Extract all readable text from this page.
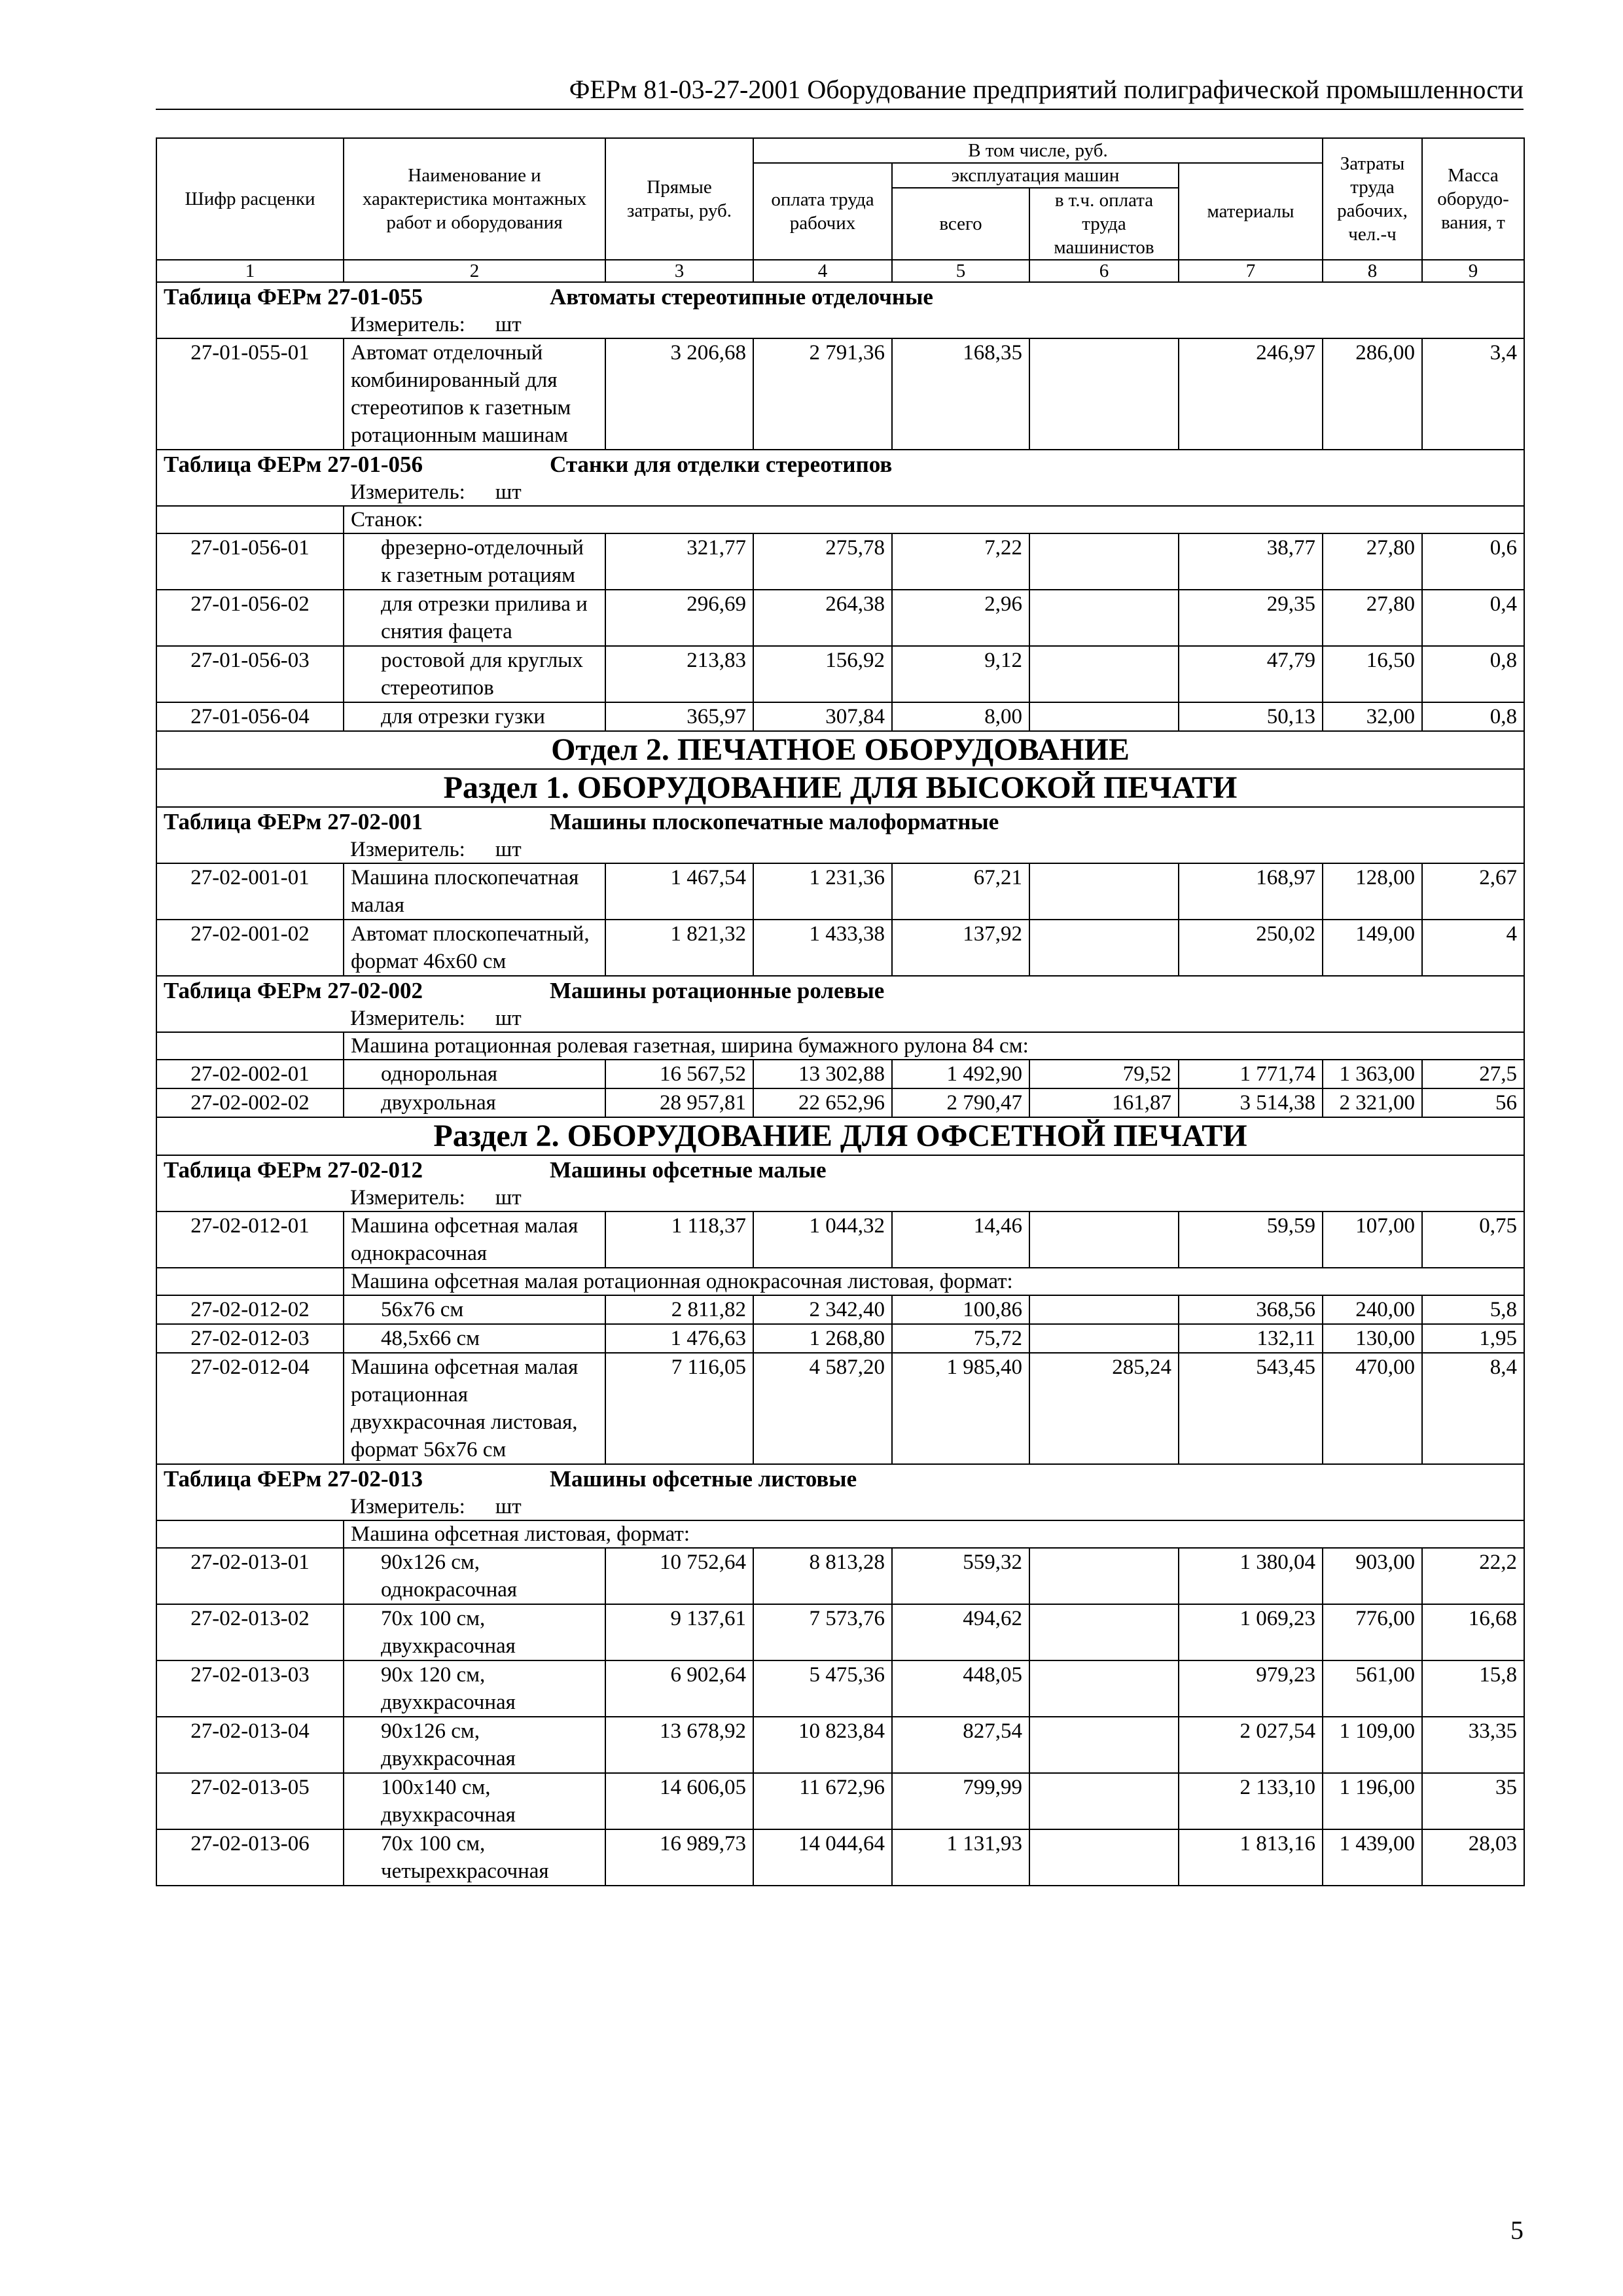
ФЕРм 81-03-27-2001 Оборудование предприятий полиграфической промышленности
Шифр расценки	Наименование и характеристика монтажных работ и оборудования	Прямые затраты, руб.	В том числе, руб.				Затраты труда рабочих, чел.-ч	Масса оборудо-вания, т
			оплата труда рабочих	эксплуатация машин		материалы		
				всего	в т.ч. оплата труда машинистов			
1	2	3	4	5	6	7	8	9
Таблица ФЕРм 27-01-055 Автоматы стереотипные отделочные								
	Измеритель: шт							
27-01-055-01	Автомат отделочный комбинированный для стереотипов к газетным ротационным машинам	3 206,68	2 791,36	168,35		246,97	286,00	3,4
Таблица ФЕРм 27-01-056 Станки для отделки стереотипов								
	Измеритель: шт							
	Станок:							
27-01-056-01	фрезерно-отделочный к газетным ротациям	321,77	275,78	7,22		38,77	27,80	0,6
27-01-056-02	для отрезки прилива и снятия фацета	296,69	264,38	2,96		29,35	27,80	0,4
27-01-056-03	ростовой для круглых стереотипов	213,83	156,92	9,12		47,79	16,50	0,8
27-01-056-04	для отрезки гузки	365,97	307,84	8,00		50,13	32,00	0,8
Отдел 2. ПЕЧАТНОЕ ОБОРУДОВАНИЕ								
Раздел 1. ОБОРУДОВАНИЕ ДЛЯ ВЫСОКОЙ ПЕЧАТИ								
Таблица ФЕРм 27-02-001 Машины плоскопечатные малоформатные								
	Измеритель: шт							
27-02-001-01	Машина плоскопечатная малая	1 467,54	1 231,36	67,21		168,97	128,00	2,67
27-02-001-02	Автомат плоскопечатный, формат 46х60 см	1 821,32	1 433,38	137,92		250,02	149,00	4
Таблица ФЕРм 27-02-002 Машины ротационные ролевые								
	Измеритель: шт							
	Машина ротационная ролевая газетная, ширина бумажного рулона 84 см:							
27-02-002-01	однорольная	16 567,52	13 302,88	1 492,90	79,52	1 771,74	1 363,00	27,5
27-02-002-02	двухрольная	28 957,81	22 652,96	2 790,47	161,87	3 514,38	2 321,00	56
Раздел 2. ОБОРУДОВАНИЕ ДЛЯ ОФСЕТНОЙ ПЕЧАТИ								
Таблица ФЕРм 27-02-012 Машины офсетные малые								
	Измеритель: шт							
27-02-012-01	Машина офсетная малая однокрасочная	1 118,37	1 044,32	14,46		59,59	107,00	0,75
	Машина офсетная малая ротационная однокрасочная листовая, формат:							
27-02-012-02	56х76 см	2 811,82	2 342,40	100,86		368,56	240,00	5,8
27-02-012-03	48,5х66 см	1 476,63	1 268,80	75,72		132,11	130,00	1,95
27-02-012-04	Машина офсетная малая ротационная двухкрасочная листовая, формат 56х76 см	7 116,05	4 587,20	1 985,40	285,24	543,45	470,00	8,4
Таблица ФЕРм 27-02-013 Машины офсетные листовые								
	Измеритель: шт							
	Машина офсетная листовая, формат:							
27-02-013-01	90х126 см, однокрасочная	10 752,64	8 813,28	559,32		1 380,04	903,00	22,2
27-02-013-02	70х 100 см, двухкрасочная	9 137,61	7 573,76	494,62		1 069,23	776,00	16,68
27-02-013-03	90х 120 см, двухкрасочная	6 902,64	5 475,36	448,05		979,23	561,00	15,8
27-02-013-04	90х126 см, двухкрасочная	13 678,92	10 823,84	827,54		2 027,54	1 109,00	33,35
27-02-013-05	100х140 см, двухкрасочная	14 606,05	11 672,96	799,99		2 133,10	1 196,00	35
27-02-013-06	70х 100 см, четырехкрасочная	16 989,73	14 044,64	1 131,93		1 813,16	1 439,00	28,03
5
